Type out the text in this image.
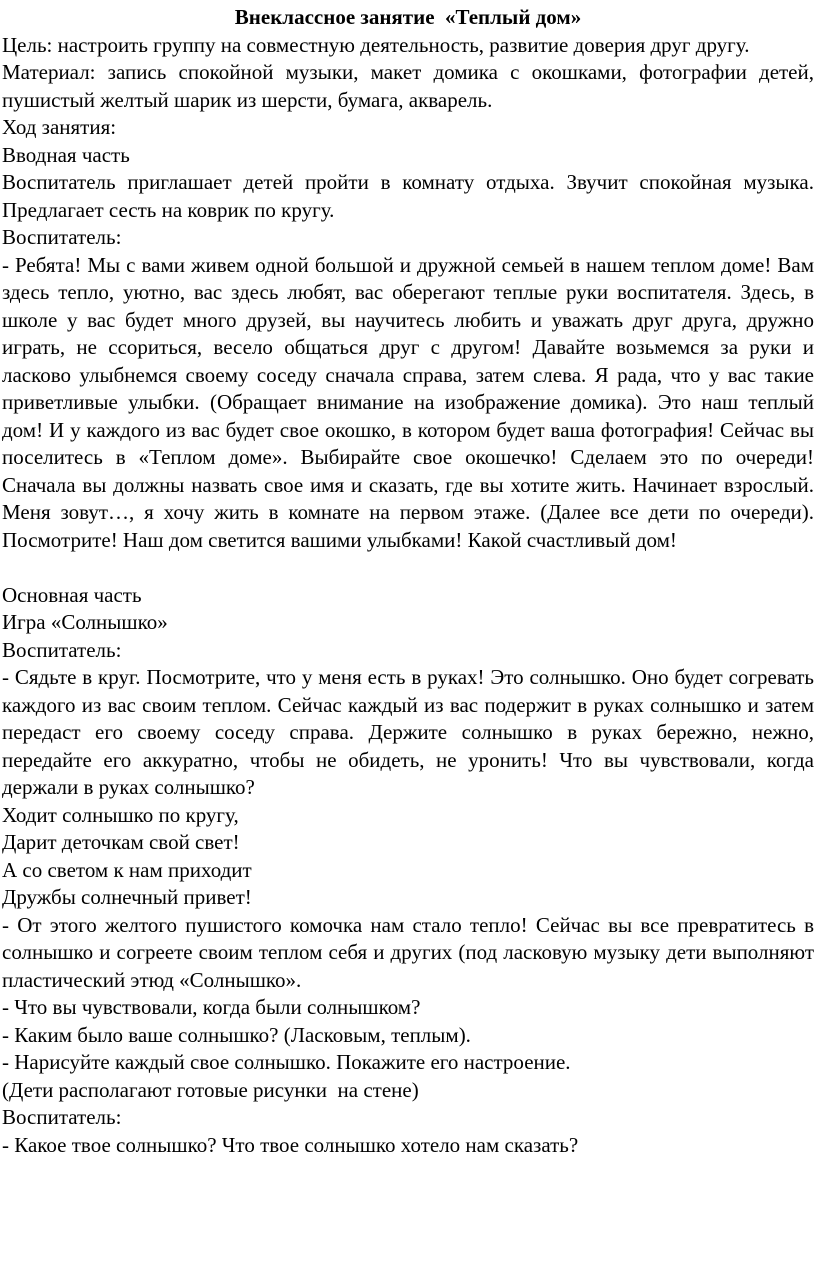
Внеклассное занятие  «Теплый дом»

Цель: настроить группу на совместную деятельность, развитие доверия друг другу.

Материал: запись спокойной музыки, макет домика с окошками, фотографии детей, пушистый желтый шарик из шерсти, бумага, акварель.

Ход занятия:

Вводная часть

Воспитатель приглашает детей пройти в комнату отдыха. Звучит спокойная музыка. Предлагает сесть на коврик по кругу.

Воспитатель:

- Ребята! Мы с вами живем одной большой и дружной семьей в нашем теплом доме! Вам здесь тепло, уютно, вас здесь любят, вас оберегают теплые руки воспитателя. Здесь, в школе у вас будет много друзей, вы научитесь любить и уважать друг друга, дружно играть, не ссориться, весело общаться друг с другом! Давайте возьмемся за руки и ласково улыбнемся своему соседу сначала справа, затем слева. Я рада, что у вас такие приветливые улыбки. (Обращает внимание на изображение домика). Это наш теплый дом! И у каждого из вас будет свое окошко, в котором будет ваша фотография! Сейчас вы поселитесь в «Теплом доме». Выбирайте свое окошечко! Сделаем это по очереди! Сначала вы должны назвать свое имя и сказать, где вы хотите жить. Начинает взрослый. Меня зовут…, я хочу жить в комнате на первом этаже. (Далее все дети по очереди). Посмотрите! Наш дом светится вашими улыбками! Какой счастливый дом!

Основная часть

Игра «Солнышко»

Воспитатель:

- Сядьте в круг. Посмотрите, что у меня есть в руках! Это солнышко. Оно будет согревать каждого из вас своим теплом. Сейчас каждый из вас подержит в руках солнышко и затем передаст его своему соседу справа. Держите солнышко в руках бережно, нежно, передайте его аккуратно, чтобы не обидеть, не уронить! Что вы чувствовали, когда держали в руках солнышко?

Ходит солнышко по кругу,

Дарит деточкам свой свет!

А со светом к нам приходит

Дружбы солнечный привет!

- От этого желтого пушистого комочка нам стало тепло! Сейчас вы все превратитесь в солнышко и согреете своим теплом себя и других (под ласковую музыку дети выполняют пластический этюд «Солнышко».

- Что вы чувствовали, когда были солнышком?

- Каким было ваше солнышко? (Ласковым, теплым).

- Нарисуйте каждый свое солнышко. Покажите его настроение.

(Дети располагают готовые рисунки  на стене)

Воспитатель:

- Какое твое солнышко? Что твое солнышко хотело нам сказать?
